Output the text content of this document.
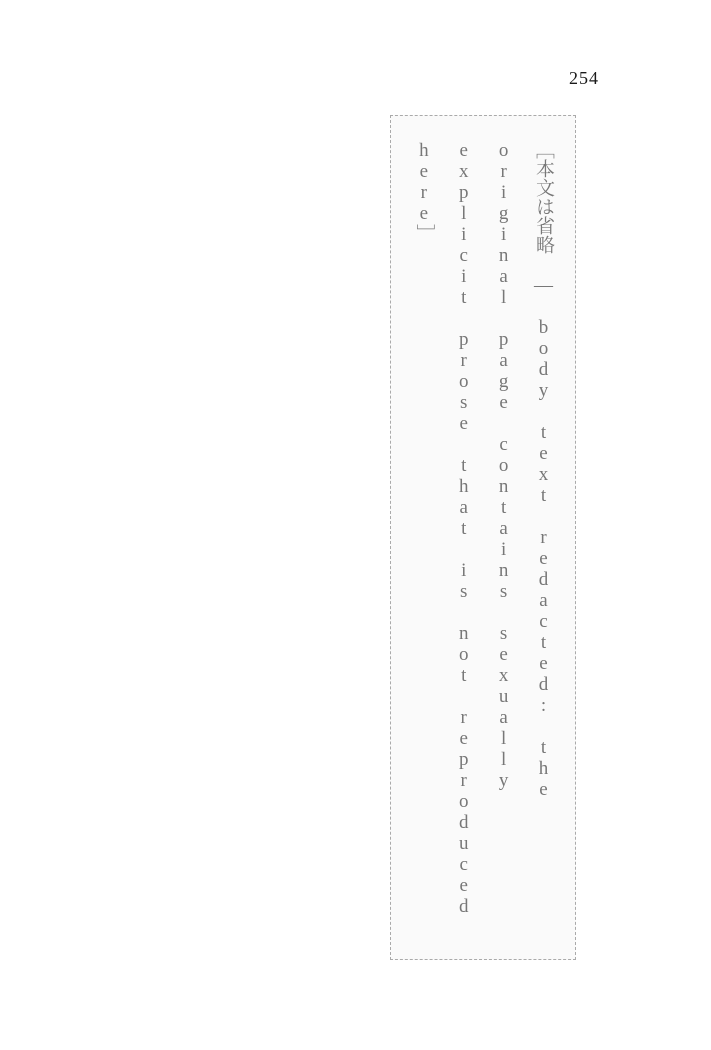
254
［本文は省略 — body text redacted: the original page contains sexually explicit prose that is not reproduced here］
